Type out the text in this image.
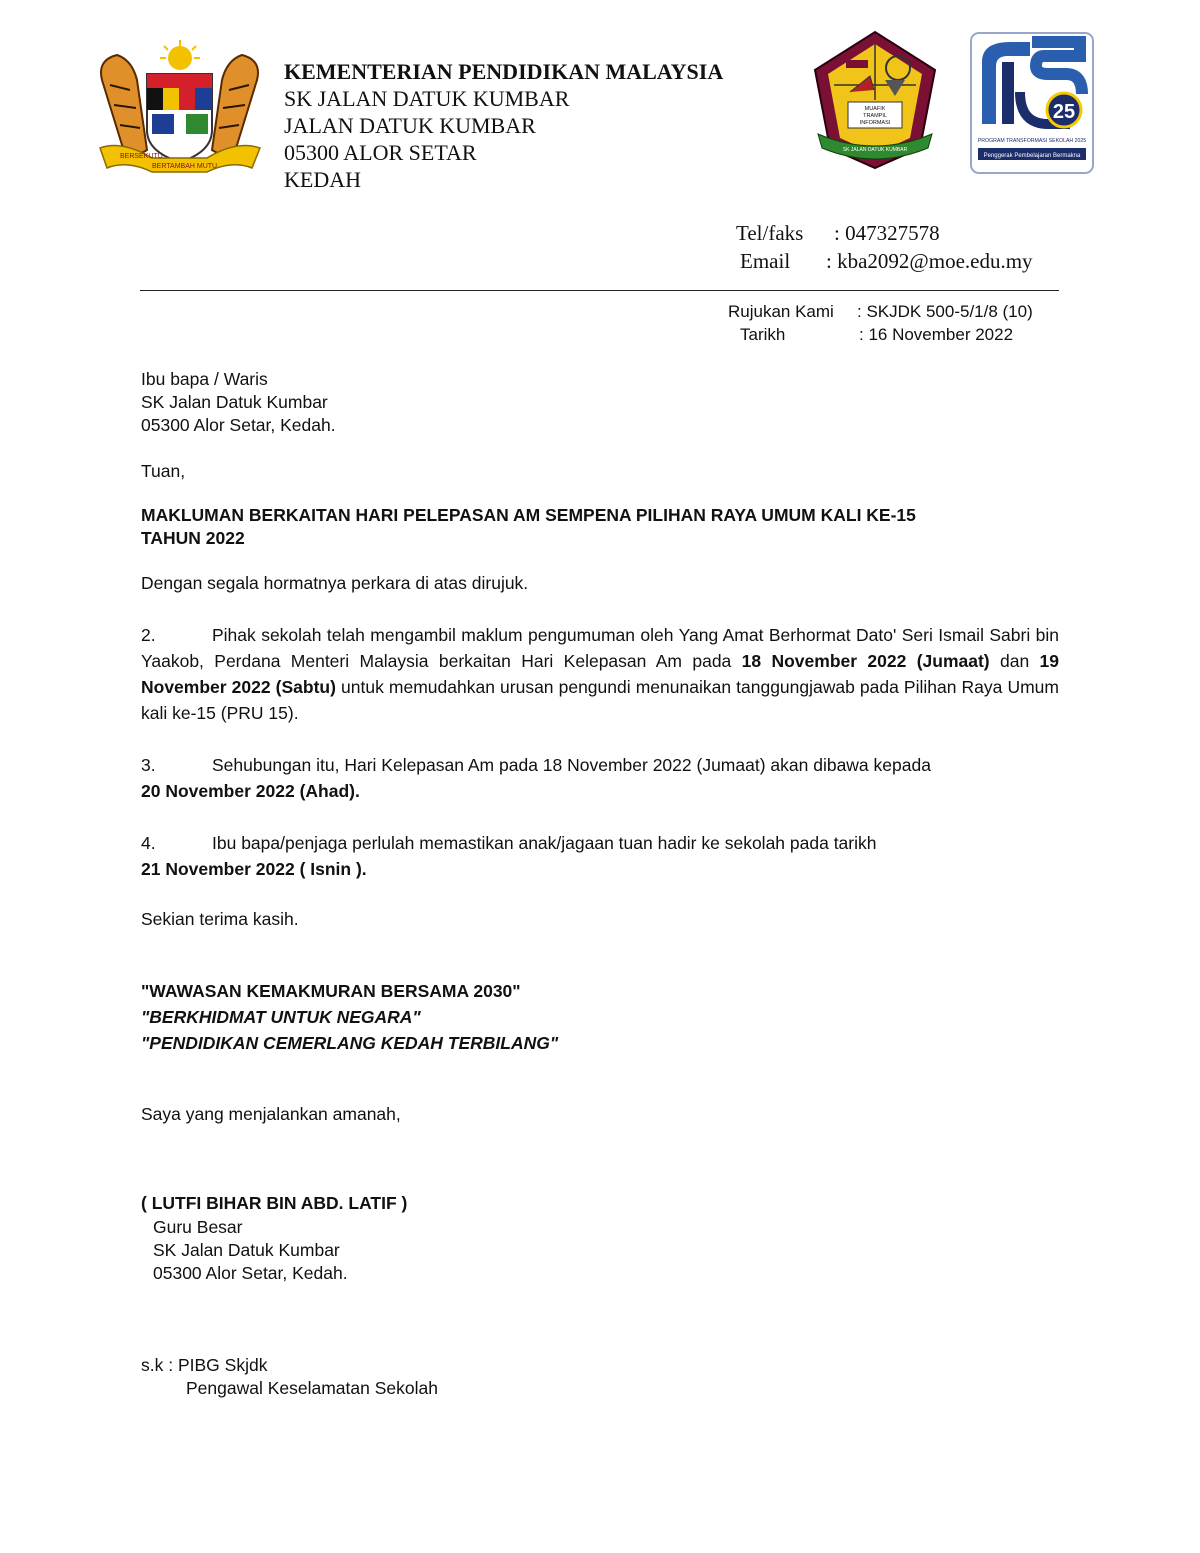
BERSEKUTU
BERTAMBAH MUTU
MUAFIK
TRAMPIL
INFORMASI
SK JALAN DATUK KUMBAR
25
PROGRAM TRANSFORMASI SEKOLAH 2025
Penggerak Pembelajaran Bermakna
KEMENTERIAN PENDIDIKAN MALAYSIA
SK JALAN DATUK KUMBAR
JALAN DATUK KUMBAR
05300 ALOR SETAR
KEDAH
Tel/faks : 047327578
Email : kba2092@moe.edu.my
Rujukan Kami : SKJDK 500-5/1/8 (10)
Tarikh	: 16 November 2022
Ibu bapa / Waris
SK Jalan Datuk Kumbar
05300 Alor Setar, Kedah.
Tuan,
MAKLUMAN BERKAITAN HARI PELEPASAN AM SEMPENA PILIHAN RAYA UMUM KALI KE-15
TAHUN 2022
Dengan segala hormatnya perkara di atas dirujuk.
2.	Pihak sekolah telah mengambil maklum pengumuman oleh Yang Amat Berhormat Dato' Seri Ismail Sabri bin Yaakob, Perdana Menteri Malaysia berkaitan Hari Kelepasan Am pada 18 November 2022 (Jumaat) dan 19 November 2022 (Sabtu) untuk memudahkan urusan pengundi menunaikan tanggungjawab pada Pilihan Raya Umum kali ke-15 (PRU 15).
3.	Sehubungan itu, Hari Kelepasan Am pada 18 November 2022 (Jumaat) akan dibawa kepada
20 November 2022 (Ahad).
4.	Ibu bapa/penjaga perlulah memastikan anak/jagaan tuan hadir ke sekolah pada tarikh
21 November 2022 ( Isnin ).
Sekian terima kasih.
"WAWASAN KEMAKMURAN BERSAMA 2030"
"BERKHIDMAT UNTUK NEGARA"
"PENDIDIKAN CEMERLANG KEDAH TERBILANG"
Saya yang menjalankan amanah,
( LUTFI BIHAR BIN ABD. LATIF )
Guru Besar
SK Jalan Datuk Kumbar
05300 Alor Setar, Kedah.
s.k : PIBG Skjdk
Pengawal Keselamatan Sekolah
